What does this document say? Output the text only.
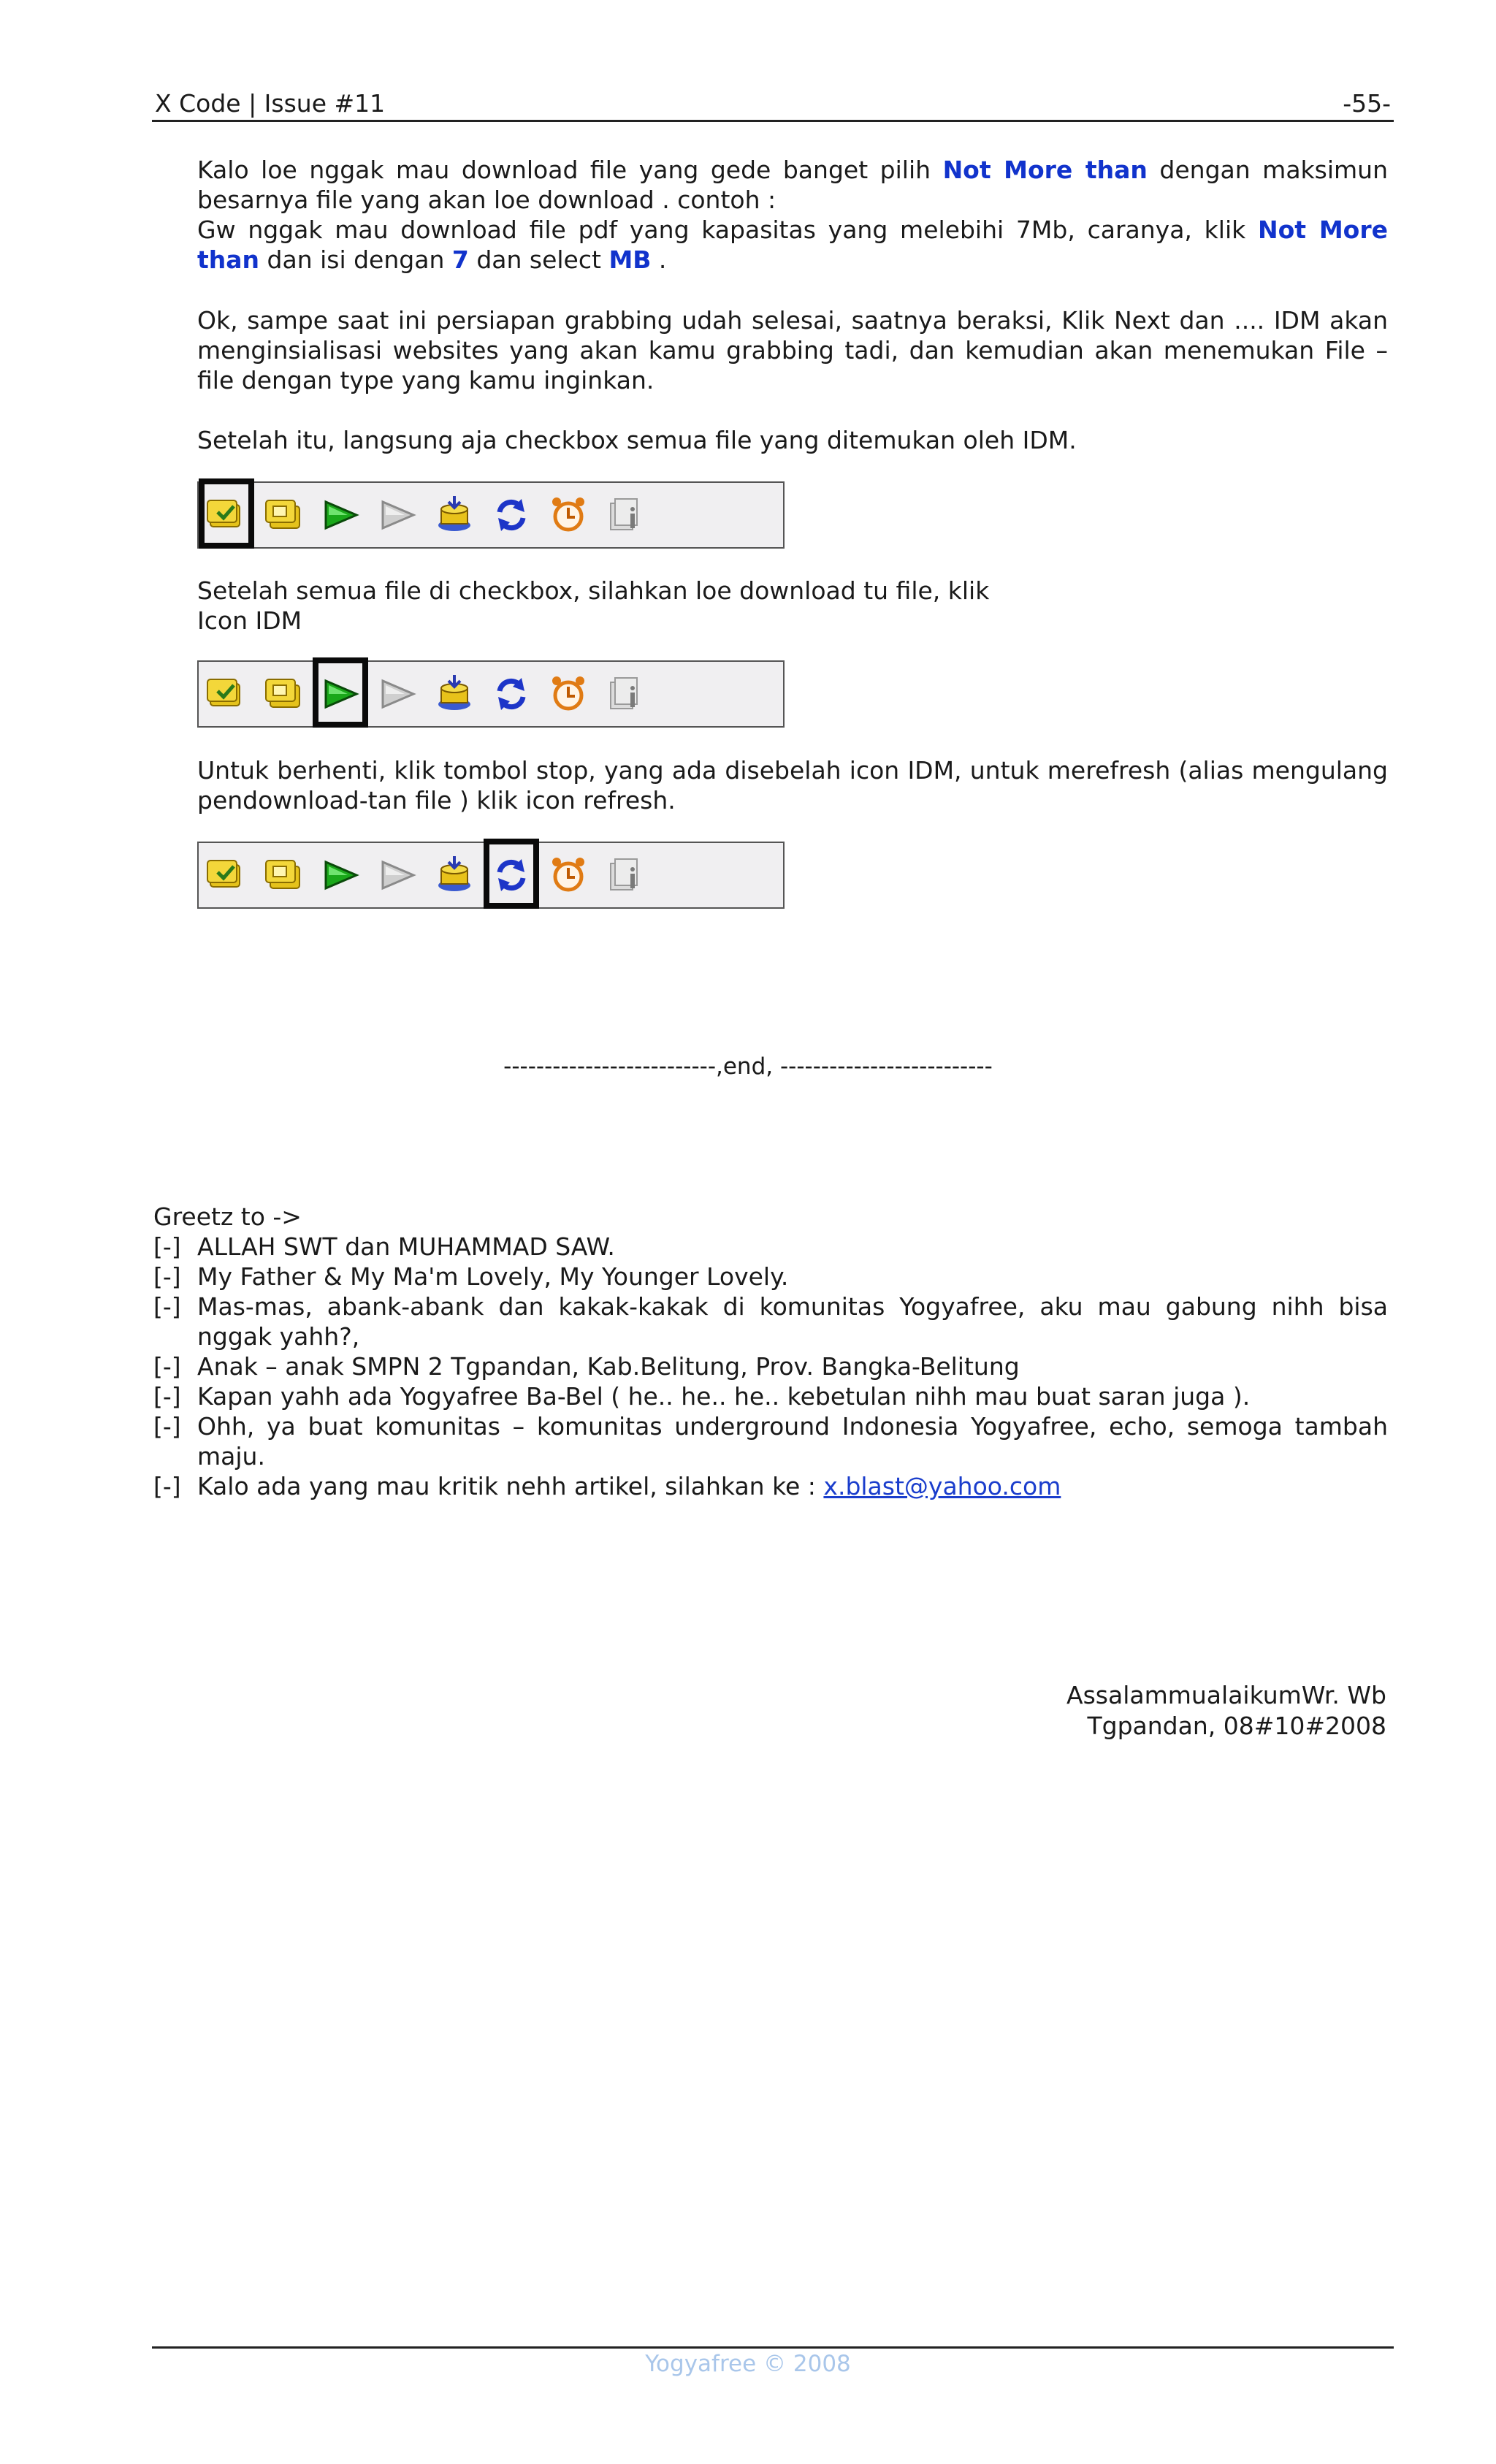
X Code | Issue #11	-55-

Kalo loe nggak mau download file yang gede banget pilih Not More than dengan maksimun besarnya file yang akan loe download . contoh :

Gw nggak mau download file pdf yang kapasitas yang melebihi 7Mb, caranya, klik Not More than dan isi dengan 7 dan select MB .

Ok, sampe saat ini persiapan grabbing udah selesai, saatnya beraksi, Klik Next dan .... IDM akan menginsialisasi websites yang akan kamu grabbing tadi, dan kemudian akan menemukan File – file dengan type yang kamu inginkan.

Setelah itu, langsung aja checkbox semua file yang ditemukan oleh IDM.

Setelah semua file di checkbox, silahkan loe download tu file, klik

Icon IDM

Untuk berhenti, klik tombol stop, yang ada disebelah icon IDM, untuk merefresh (alias mengulang pendownload-tan file ) klik icon refresh.

--------------------------,end, --------------------------
Greetz to ->
[-] ALLAH SWT dan MUHAMMAD SAW.
[-] My Father & My Ma'm Lovely, My Younger Lovely.
[-] Mas-mas, abank-abank dan kakak-kakak di komunitas Yogyafree, aku mau gabung nihh bisa nggak yahh?,
[-] Anak – anak SMPN 2 Tgpandan, Kab.Belitung, Prov. Bangka-Belitung
[-] Kapan yahh ada Yogyafree Ba-Bel ( he.. he.. he.. kebetulan nihh mau buat saran juga ).
[-] Ohh, ya buat komunitas – komunitas underground Indonesia Yogyafree, echo, semoga tambah maju.
[-] Kalo ada yang mau kritik nehh artikel, silahkan ke : x.blast@yahoo.com
AssalammualaikumWr. Wb
Tgpandan, 08#10#2008
Yogyafree © 2008
